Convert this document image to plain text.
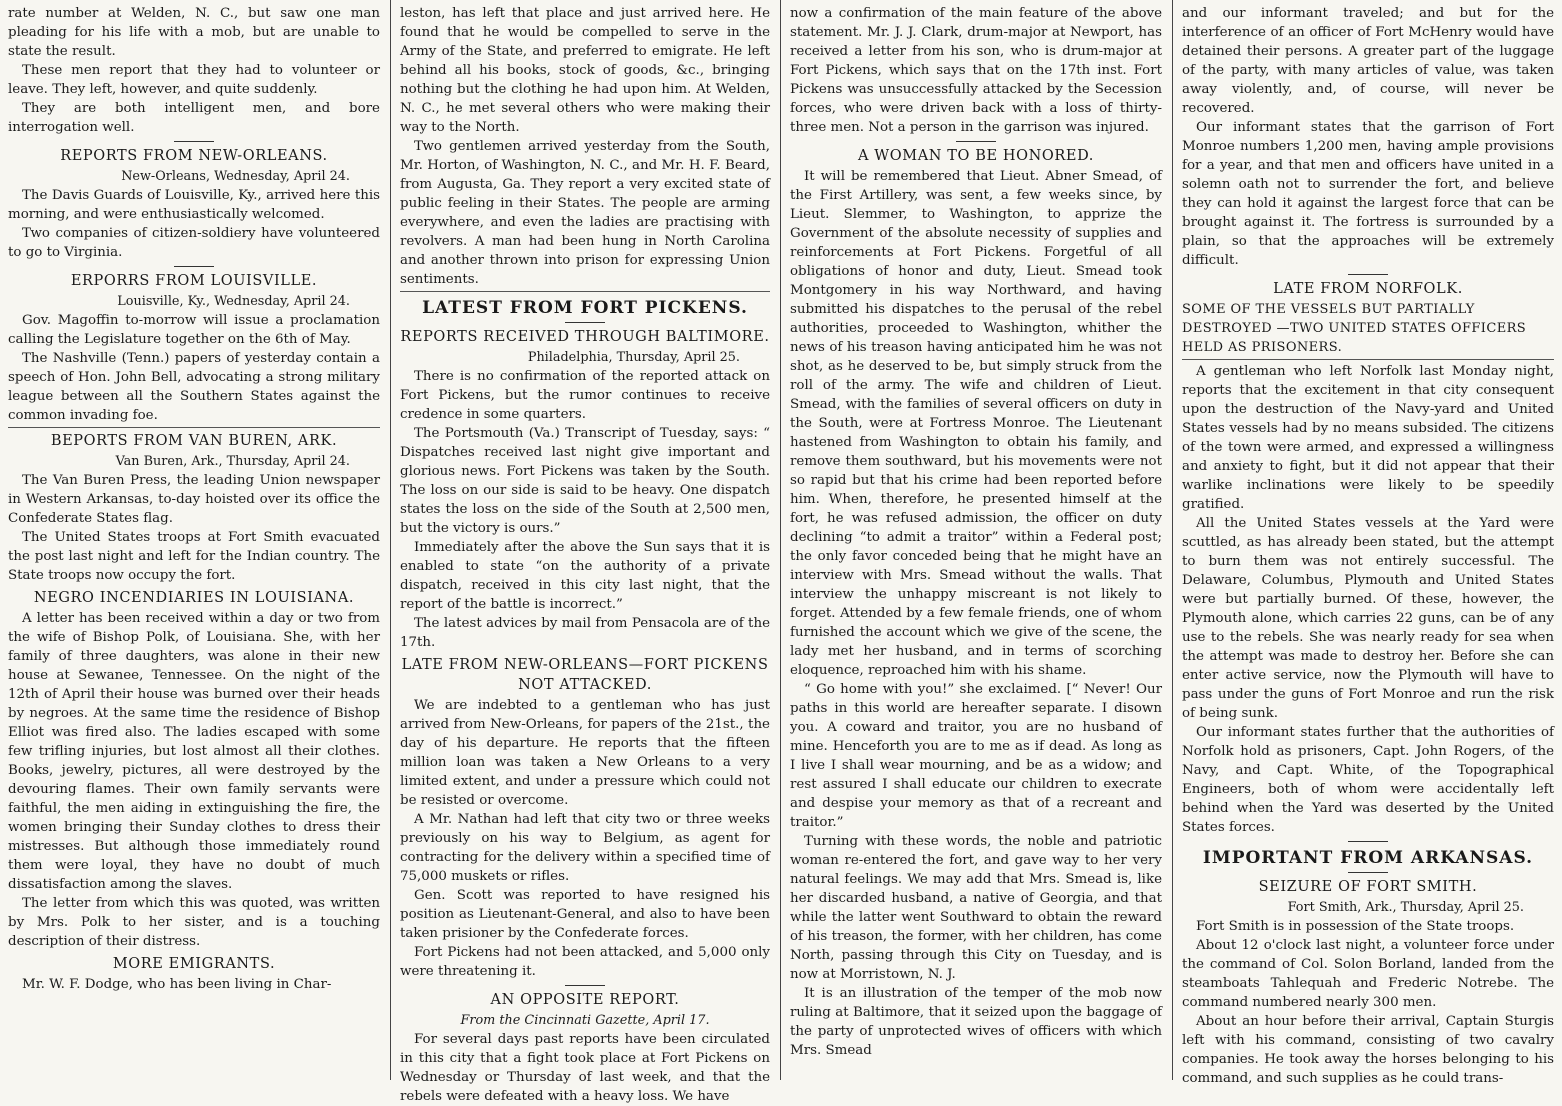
rate number at Welden, N. C., but saw one man pleading for his life with a mob, but are unable to state the result.

These men report that they had to volunteer or leave. They left, however, and quite suddenly.

They are both intelligent men, and bore interrogation well.

REPORTS FROM NEW-ORLEANS.
New-Orleans, Wednesday, April 24.

The Davis Guards of Louisville, Ky., arrived here this morning, and were enthusiastically welcomed.

Two companies of citizen-soldiery have volunteered to go to Virginia.

ERPORRS FROM LOUISVILLE.
Louisville, Ky., Wednesday, April 24.

Gov. Magoffin to-morrow will issue a proclamation calling the Legislature together on the 6th of May.

The Nashville (Tenn.) papers of yesterday contain a speech of Hon. John Bell, advocating a strong military league between all the Southern States against the common invading foe.

BEPORTS FROM VAN BUREN, ARK.
Van Buren, Ark., Thursday, April 24.

The Van Buren Press, the leading Union newspaper in Western Arkansas, to-day hoisted over its office the Confederate States flag.

The United States troops at Fort Smith evacuated the post last night and left for the Indian country. The State troops now occupy the fort.

NEGRO INCENDIARIES IN LOUISIANA.

A letter has been received within a day or two from the wife of Bishop Polk, of Louisiana. She, with her family of three daughters, was alone in their new house at Sewanee, Tennessee. On the night of the 12th of April their house was burned over their heads by negroes. At the same time the residence of Bishop Elliot was fired also. The ladies escaped with some few trifling injuries, but lost almost all their clothes. Books, jewelry, pictures, all were destroyed by the devouring flames. Their own family servants were faithful, the men aiding in extinguishing the fire, the women bringing their Sunday clothes to dress their mistresses. But although those immediately round them were loyal, they have no doubt of much dissatisfaction among the slaves.

The letter from which this was quoted, was written by Mrs. Polk to her sister, and is a touching description of their distress.

MORE EMIGRANTS.

Mr. W. F. Dodge, who has been living in Char-

leston, has left that place and just arrived here. He found that he would be compelled to serve in the Army of the State, and preferred to emigrate. He left behind all his books, stock of goods, &c., bringing nothing but the clothing he had upon him. At Welden, N. C., he met several others who were making their way to the North.

Two gentlemen arrived yesterday from the South, Mr. Horton, of Washington, N. C., and Mr. H. F. Beard, from Augusta, Ga. They report a very excited state of public feeling in their States. The people are arming everywhere, and even the ladies are practising with revolvers. A man had been hung in North Carolina and another thrown into prison for expressing Union sentiments.

LATEST FROM FORT PICKENS.
REPORTS RECEIVED THROUGH BALTIMORE.
Philadelphia, Thursday, April 25.

There is no confirmation of the reported attack on Fort Pickens, but the rumor continues to receive credence in some quarters.

The Portsmouth (Va.) Transcript of Tuesday, says: “ Dispatches received last night give important and glorious news. Fort Pickens was taken by the South. The loss on our side is said to be heavy. One dispatch states the loss on the side of the South at 2,500 men, but the victory is ours.”

Immediately after the above the Sun says that it is enabled to state “on the authority of a private dispatch, received in this city last night, that the report of the battle is incorrect.”

The latest advices by mail from Pensacola are of the 17th.

LATE FROM NEW-ORLEANS—FORT PICKENS NOT ATTACKED.

We are indebted to a gentleman who has just arrived from New-Orleans, for papers of the 21st., the day of his departure. He reports that the fifteen million loan was taken a New Orleans to a very limited extent, and under a pressure which could not be resisted or overcome.

A Mr. Nathan had left that city two or three weeks previously on his way to Belgium, as agent for contracting for the delivery within a specified time of 75,000 muskets or rifles.

Gen. Scott was reported to have resigned his position as Lieutenant-General, and also to have been taken prisioner by the Confederate forces.

Fort Pickens had not been attacked, and 5,000 only were threatening it.

AN OPPOSITE REPORT.
From the Cincinnati Gazette, April 17.

For several days past reports have been circulated in this city that a fight took place at Fort Pickens on Wednesday or Thursday of last week, and that the rebels were defeated with a heavy loss. We have

now a confirmation of the main feature of the above statement. Mr. J. J. Clark, drum-major at Newport, has received a letter from his son, who is drum-major at Fort Pickens, which says that on the 17th inst. Fort Pickens was unsuccessfully attacked by the Secession forces, who were driven back with a loss of thirty-three men. Not a person in the garrison was injured.

A WOMAN TO BE HONORED.

It will be remembered that Lieut. Abner Smead, of the First Artillery, was sent, a few weeks since, by Lieut. Slemmer, to Washington, to apprize the Government of the absolute necessity of supplies and reinforcements at Fort Pickens. Forgetful of all obligations of honor and duty, Lieut. Smead took Montgomery in his way Northward, and having submitted his dispatches to the perusal of the rebel authorities, proceeded to Washington, whither the news of his treason having anticipated him he was not shot, as he deserved to be, but simply struck from the roll of the army. The wife and children of Lieut. Smead, with the families of several officers on duty in the South, were at Fortress Monroe. The Lieutenant hastened from Washington to obtain his family, and remove them southward, but his movements were not so rapid but that his crime had been reported before him. When, therefore, he presented himself at the fort, he was refused admission, the officer on duty declining “to admit a traitor” within a Federal post; the only favor conceded being that he might have an interview with Mrs. Smead without the walls. That interview the unhappy miscreant is not likely to forget. Attended by a few female friends, one of whom furnished the account which we give of the scene, the lady met her husband, and in terms of scorching eloquence, reproached him with his shame.

“ Go home with you!” she exclaimed. [“ Never! Our paths in this world are hereafter separate. I disown you. A coward and traitor, you are no husband of mine. Henceforth you are to me as if dead. As long as I live I shall wear mourning, and be as a widow; and rest assured I shall educate our children to execrate and despise your memory as that of a recreant and traitor.”

Turning with these words, the noble and patriotic woman re-entered the fort, and gave way to her very natural feelings. We may add that Mrs. Smead is, like her discarded husband, a native of Georgia, and that while the latter went Southward to obtain the reward of his treason, the former, with her children, has come North, passing through this City on Tuesday, and is now at Morristown, N. J.

It is an illustration of the temper of the mob now ruling at Baltimore, that it seized upon the baggage of the party of unprotected wives of officers with which Mrs. Smead

and our informant traveled; and but for the interference of an officer of Fort McHenry would have detained their persons. A greater part of the luggage of the party, with many articles of value, was taken away violently, and, of course, will never be recovered.

Our informant states that the garrison of Fort Monroe numbers 1,200 men, having ample provisions for a year, and that men and officers have united in a solemn oath not to surrender the fort, and believe they can hold it against the largest force that can be brought against it. The fortress is surrounded by a plain, so that the approaches will be extremely difficult.

LATE FROM NORFOLK.
SOME OF THE VESSELS BUT PARTIALLY DESTROYED —TWO UNITED STATES OFFICERS HELD AS PRISONERS.

A gentleman who left Norfolk last Monday night, reports that the excitement in that city consequent upon the destruction of the Navy-yard and United States vessels had by no means subsided. The citizens of the town were armed, and expressed a willingness and anxiety to fight, but it did not appear that their warlike inclinations were likely to be speedily gratified.

All the United States vessels at the Yard were scuttled, as has already been stated, but the attempt to burn them was not entirely successful. The Delaware, Columbus, Plymouth and United States were but partially burned. Of these, however, the Plymouth alone, which carries 22 guns, can be of any use to the rebels. She was nearly ready for sea when the attempt was made to destroy her. Before she can enter active service, now the Plymouth will have to pass under the guns of Fort Monroe and run the risk of being sunk.

Our informant states further that the authorities of Norfolk hold as prisoners, Capt. John Rogers, of the Navy, and Capt. White, of the Topographical Engineers, both of whom were accidentally left behind when the Yard was deserted by the United States forces.

IMPORTANT FROM ARKANSAS.
SEIZURE OF FORT SMITH.
Fort Smith, Ark., Thursday, April 25.

Fort Smith is in possession of the State troops.

About 12 o'clock last night, a volunteer force under the command of Col. Solon Borland, landed from the steamboats Tahlequah and Frederic Notrebe. The command numbered nearly 300 men.

About an hour before their arrival, Captain Sturgis left with his command, consisting of two cavalry companies. He took away the horses belonging to his command, and such supplies as he could trans-
